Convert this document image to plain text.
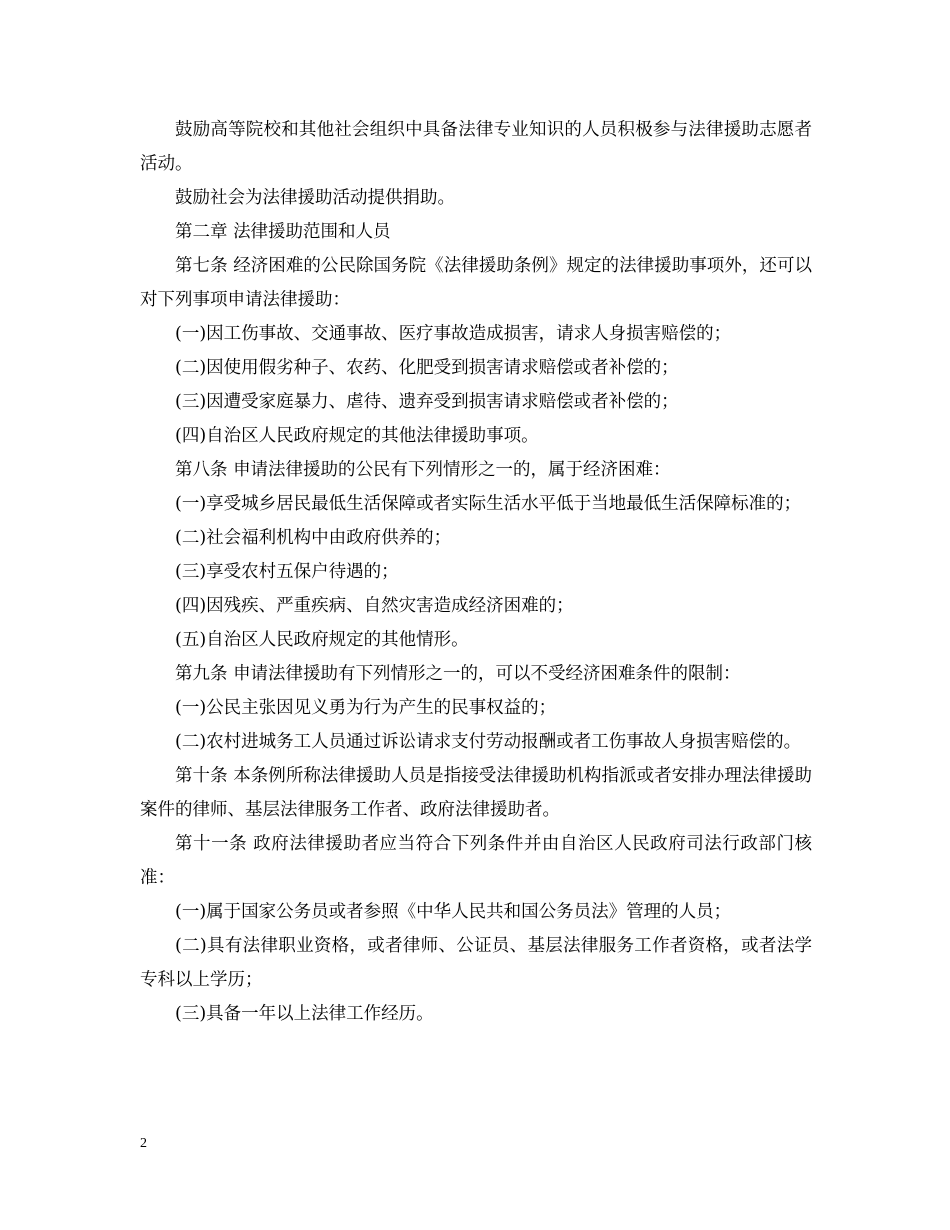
鼓励高等院校和其他社会组织中具备法律专业知识的人员积极参与法律援助志愿者活动。

鼓励社会为法律援助活动提供捐助。

第二章 法律援助范围和人员

第七条 经济困难的公民除国务院《法律援助条例》规定的法律援助事项外，还可以对下列事项申请法律援助：

(一)因工伤事故、交通事故、医疗事故造成损害，请求人身损害赔偿的；

(二)因使用假劣种子、农药、化肥受到损害请求赔偿或者补偿的；

(三)因遭受家庭暴力、虐待、遗弃受到损害请求赔偿或者补偿的；

(四)自治区人民政府规定的其他法律援助事项。

第八条 申请法律援助的公民有下列情形之一的，属于经济困难：

(一)享受城乡居民最低生活保障或者实际生活水平低于当地最低生活保障标准的；

(二)社会福利机构中由政府供养的；

(三)享受农村五保户待遇的；

(四)因残疾、严重疾病、自然灾害造成经济困难的；

(五)自治区人民政府规定的其他情形。

第九条 申请法律援助有下列情形之一的，可以不受经济困难条件的限制：

(一)公民主张因见义勇为行为产生的民事权益的；

(二)农村进城务工人员通过诉讼请求支付劳动报酬或者工伤事故人身损害赔偿的。

第十条 本条例所称法律援助人员是指接受法律援助机构指派或者安排办理法律援助案件的律师、基层法律服务工作者、政府法律援助者。

第十一条 政府法律援助者应当符合下列条件并由自治区人民政府司法行政部门核准：

(一)属于国家公务员或者参照《中华人民共和国公务员法》管理的人员；

(二)具有法律职业资格，或者律师、公证员、基层法律服务工作者资格，或者法学专科以上学历；

(三)具备一年以上法律工作经历。

2
